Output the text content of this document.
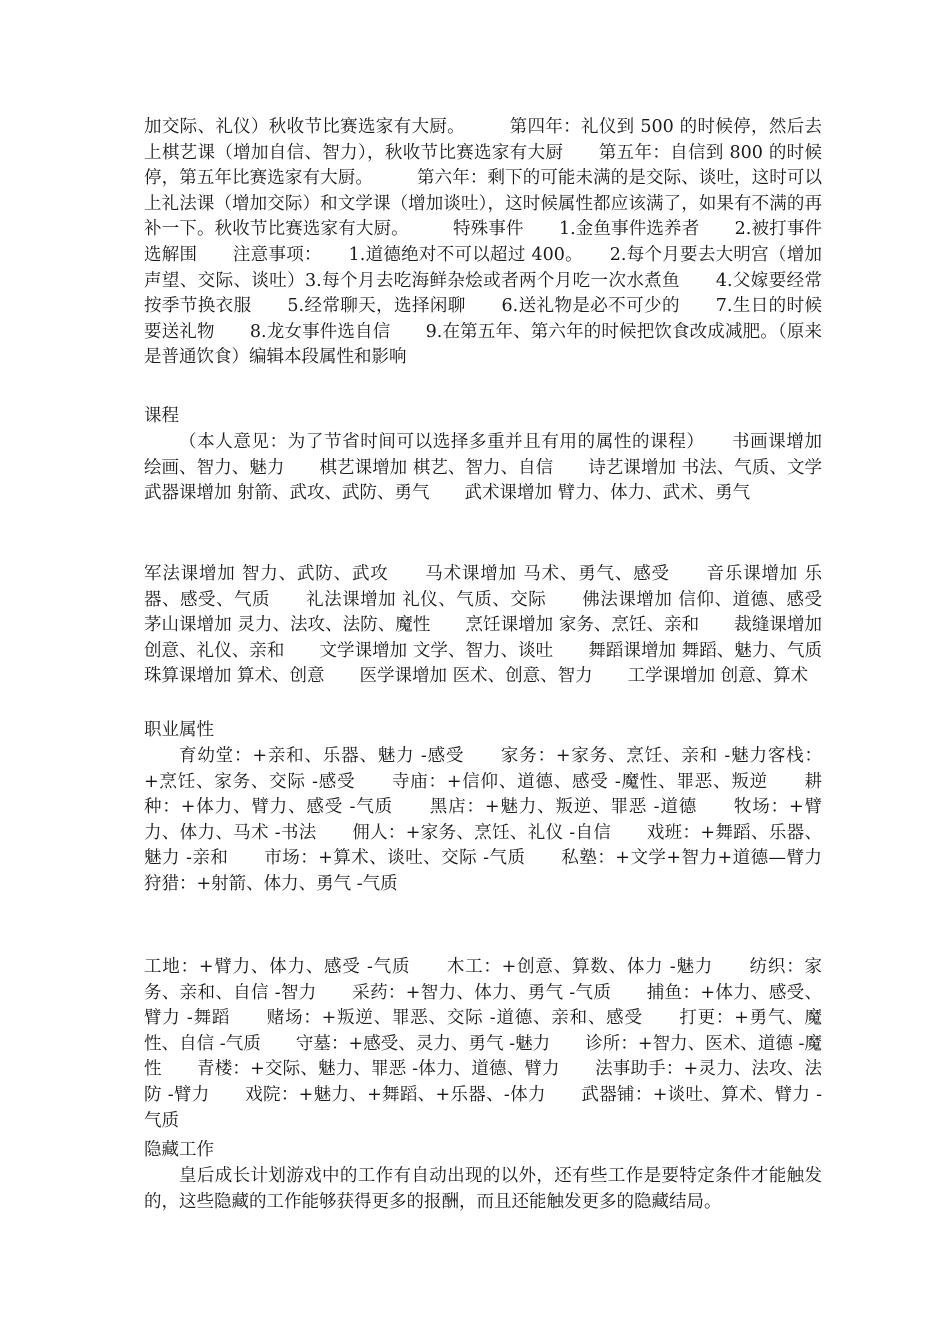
加交际、礼仪）秋收节比赛选家有大厨。　　　第四年：礼仪到 500 的时候停，然后去上棋艺课（增加自信、智力），秋收节比赛选家有大厨　　第五年：自信到 800 的时候停，第五年比赛选家有大厨。　　　第六年：剩下的可能未满的是交际、谈吐，这时可以上礼法课（增加交际）和文学课（增加谈吐），这时候属性都应该满了，如果有不满的再补一下。秋收节比赛选家有大厨。　　　特殊事件　　1.金鱼事件选养者　　2.被打事件选解围　　注意事项：　　1.道德绝对不可以超过 400。　　2.每个月要去大明宫（增加声望、交际、谈吐）3.每个月去吃海鲜杂烩或者两个月吃一次水煮鱼　　4.父嫁要经常按季节换衣服　　5.经常聊天，选择闲聊　　6.送礼物是必不可少的　　7.生日的时候要送礼物　　8.龙女事件选自信　　9.在第五年、第六年的时候把饮食改成减肥。（原来是普通饮食）编辑本段属性和影响

课程

（本人意见：为了节省时间可以选择多重并且有用的属性的课程）　　书画课增加 绘画、智力、魅力　　棋艺课增加 棋艺、智力、自信　　诗艺课增加 书法、气质、文学　　武器课增加 射箭、武攻、武防、勇气　　武术课增加 臂力、体力、武术、勇气

军法课增加 智力、武防、武攻　　马术课增加 马术、勇气、感受　　音乐课增加 乐器、感受、气质　　礼法课增加 礼仪、气质、交际　　佛法课增加 信仰、道德、感受　　茅山课增加 灵力、法攻、法防、魔性　　烹饪课增加 家务、烹饪、亲和　　裁缝课增加 创意、礼仪、亲和　　文学课增加 文学、智力、谈吐　　舞蹈课增加 舞蹈、魅力、气质　　珠算课增加 算术、创意　　医学课增加 医术、创意、智力　　工学课增加 创意、算术

职业属性

育幼堂：+亲和、乐器、魅力 -感受　　家务：+家务、烹饪、亲和 -魅力客栈：+烹饪、家务、交际 -感受　　寺庙：+信仰、道德、感受 -魔性、罪恶、叛逆　　耕种：+体力、臂力、感受 -气质　　黑店：+魅力、叛逆、罪恶 -道德　　牧场：+臂力、体力、马术 -书法　　佣人：+家务、烹饪、礼仪 -自信　　戏班：+舞蹈、乐器、魅力 -亲和　　市场：+算术、谈吐、交际 -气质　　私塾：+文学+智力+道德—臂力　　狩猎：+射箭、体力、勇气 -气质

工地：+臂力、体力、感受 -气质　　木工：+创意、算数、体力 -魅力　　纺织：家务、亲和、自信 -智力　　采药：+智力、体力、勇气 -气质　　捕鱼：+体力、感受、臂力 -舞蹈　　赌场：+叛逆、罪恶、交际 -道德、亲和、感受　　打更：+勇气、魔性、自信 -气质　　守墓：+感受、灵力、勇气 -魅力　　诊所：+智力、医术、道德 -魔性　　青楼：+交际、魅力、罪恶 -体力、道德、臂力　　法事助手：+灵力、法攻、法防 -臂力　　戏院：+魅力、+舞蹈、+乐器、-体力　　武器铺：+谈吐、算术、臂力 -气质

隐藏工作

皇后成长计划游戏中的工作有自动出现的以外，还有些工作是要特定条件才能触发的，这些隐藏的工作能够获得更多的报酬，而且还能触发更多的隐藏结局。
